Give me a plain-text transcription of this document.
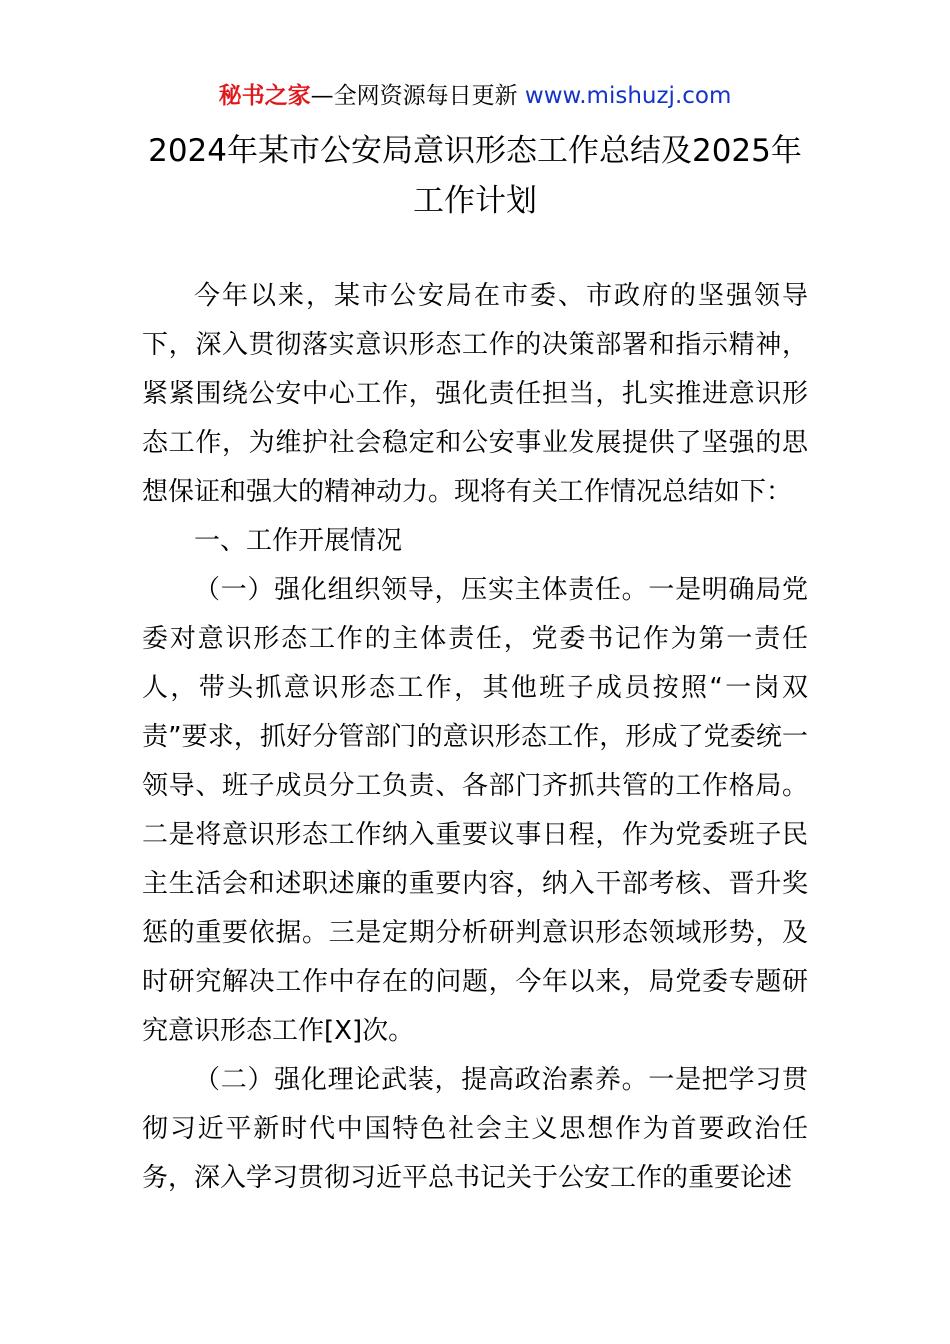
秘书之家—全网资源每日更新 www.mishuzj.com
2024年某市公安局意识形态工作总结及2025年工作计划

今年以来，某市公安局在市委、市政府的坚强领导下，深入贯彻落实意识形态工作的决策部署和指示精神，紧紧围绕公安中心工作，强化责任担当，扎实推进意识形态工作，为维护社会稳定和公安事业发展提供了坚强的思想保证和强大的精神动力。现将有关工作情况总结如下：

一、工作开展情况

（一）强化组织领导，压实主体责任。一是明确局党委对意识形态工作的主体责任，党委书记作为第一责任人，带头抓意识形态工作，其他班子成员按照“一岗双责”要求，抓好分管部门的意识形态工作，形成了党委统一领导、班子成员分工负责、各部门齐抓共管的工作格局。二是将意识形态工作纳入重要议事日程，作为党委班子民主生活会和述职述廉的重要内容，纳入干部考核、晋升奖惩的重要依据。三是定期分析研判意识形态领域形势，及时研究解决工作中存在的问题，今年以来，局党委专题研究意识形态工作[X]次。

（二）强化理论武装，提高政治素养。一是把学习贯彻习近平新时代中国特色社会主义思想作为首要政治任务，深入学习贯彻习近平总书记关于公安工作的重要论述
